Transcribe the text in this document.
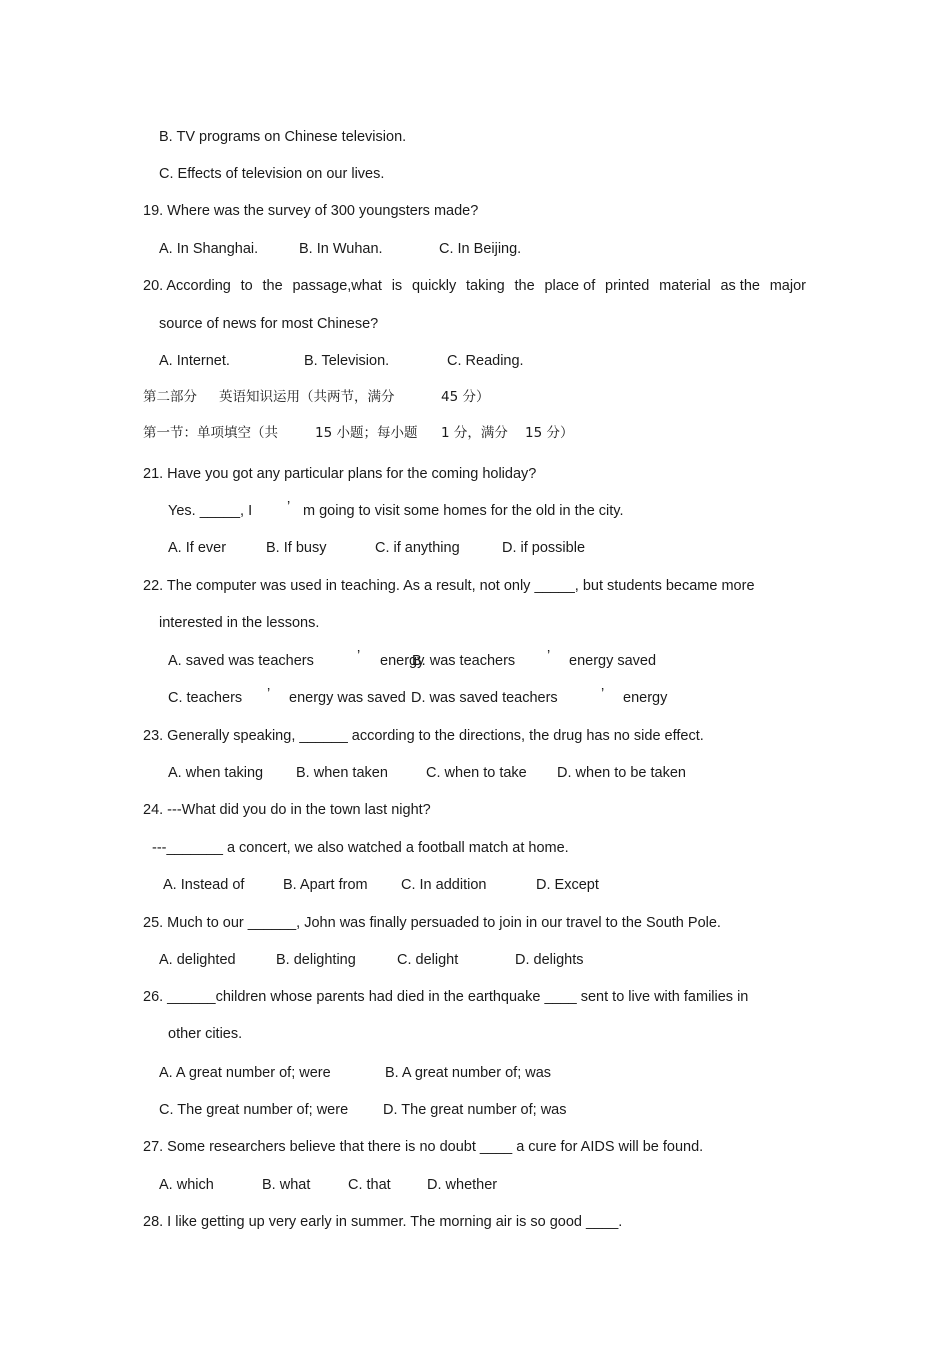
B. TV programs on Chinese television.
C. Effects of television on our lives.
19. Where was the survey of 300 youngsters made?
A. In Shanghai.	B. In Wuhan.	C. In Beijing.
20. According to the passage,what is quickly taking the place of printed material as the major
source of news for most Chinese?
A. Internet.	B. Television.	C. Reading.
第二部分 英语知识运用（共两节，满分	45 分）
第一节：单项填空（共	15 小题；每小题 1 分，满分 15 分）
21. Have you got any particular plans for the coming holiday?
Yes. _____, I ’ m going to visit some homes for the old in the city.
A. If ever	B. If busy	C. if anything	D. if possible
22. The computer was used in teaching. As a result, not only _____, but students became more
interested in the lessons.
A. saved was teachers	’ energy
B. was teachers ’ energy saved
C. teachers ’ energy was saved D. was saved teachers	’ energy
23. Generally speaking, ______ according to the directions, the drug has no side effect.
A. when taking B. when taken	C. when to take D. when to be taken
24. ---What did you do in the town last night?
---_______ a concert, we also watched a football match at home.
A. Instead of	B. Apart from C. In addition	D. Except
25. Much to our ______, John was finally persuaded to join in our travel to the South Pole.
A. delighted	B. delighting	C. delight	D. delights
26. ______children whose parents had died in the earthquake ____ sent to live with families in
other cities.
A. A great number of; were	B. A great number of; was
C. The great number of; were D. The great number of; was
27. Some researchers believe that there is no doubt ____ a cure for AIDS will be found.
A. which	B. what	C. that	D. whether
28. I like getting up very early in summer. The morning air is so good ____.
